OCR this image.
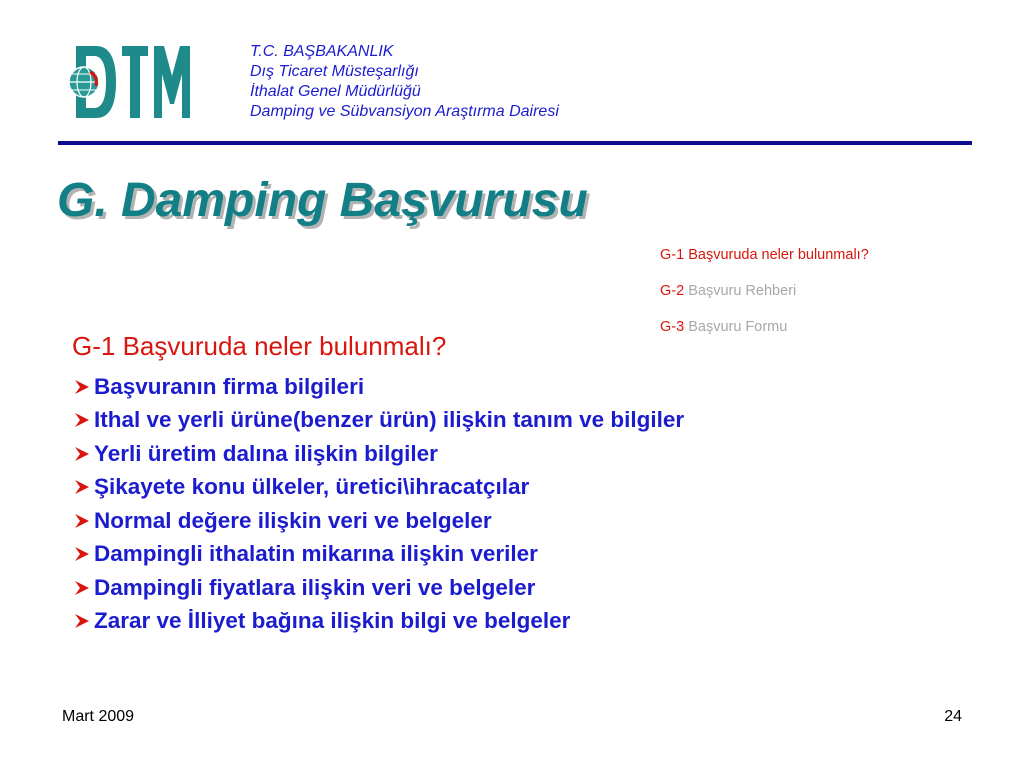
T.C. BAŞBAKANLIK
Dış Ticaret Müsteşarlığı
İthalat Genel Müdürlüğü
Damping ve Sübvansiyon Araştırma Dairesi
G. Damping Başvurusu
G-1 Başvuruda neler bulunmalı?
G-2 Başvuru Rehberi
G-3 Başvuru Formu
G-1 Başvuruda neler bulunmalı?
Başvuranın firma bilgileri
Ithal ve yerli ürüne(benzer ürün) ilişkin tanım ve bilgiler
Yerli üretim dalına ilişkin bilgiler
Şikayete konu ülkeler, üretici\ihracatçılar
Normal değere ilişkin veri ve belgeler
Dampingli ithalatin mikarına ilişkin veriler
Dampingli fiyatlara ilişkin veri ve belgeler
Zarar ve İlliyet bağına ilişkin bilgi ve belgeler
Mart 2009	24
